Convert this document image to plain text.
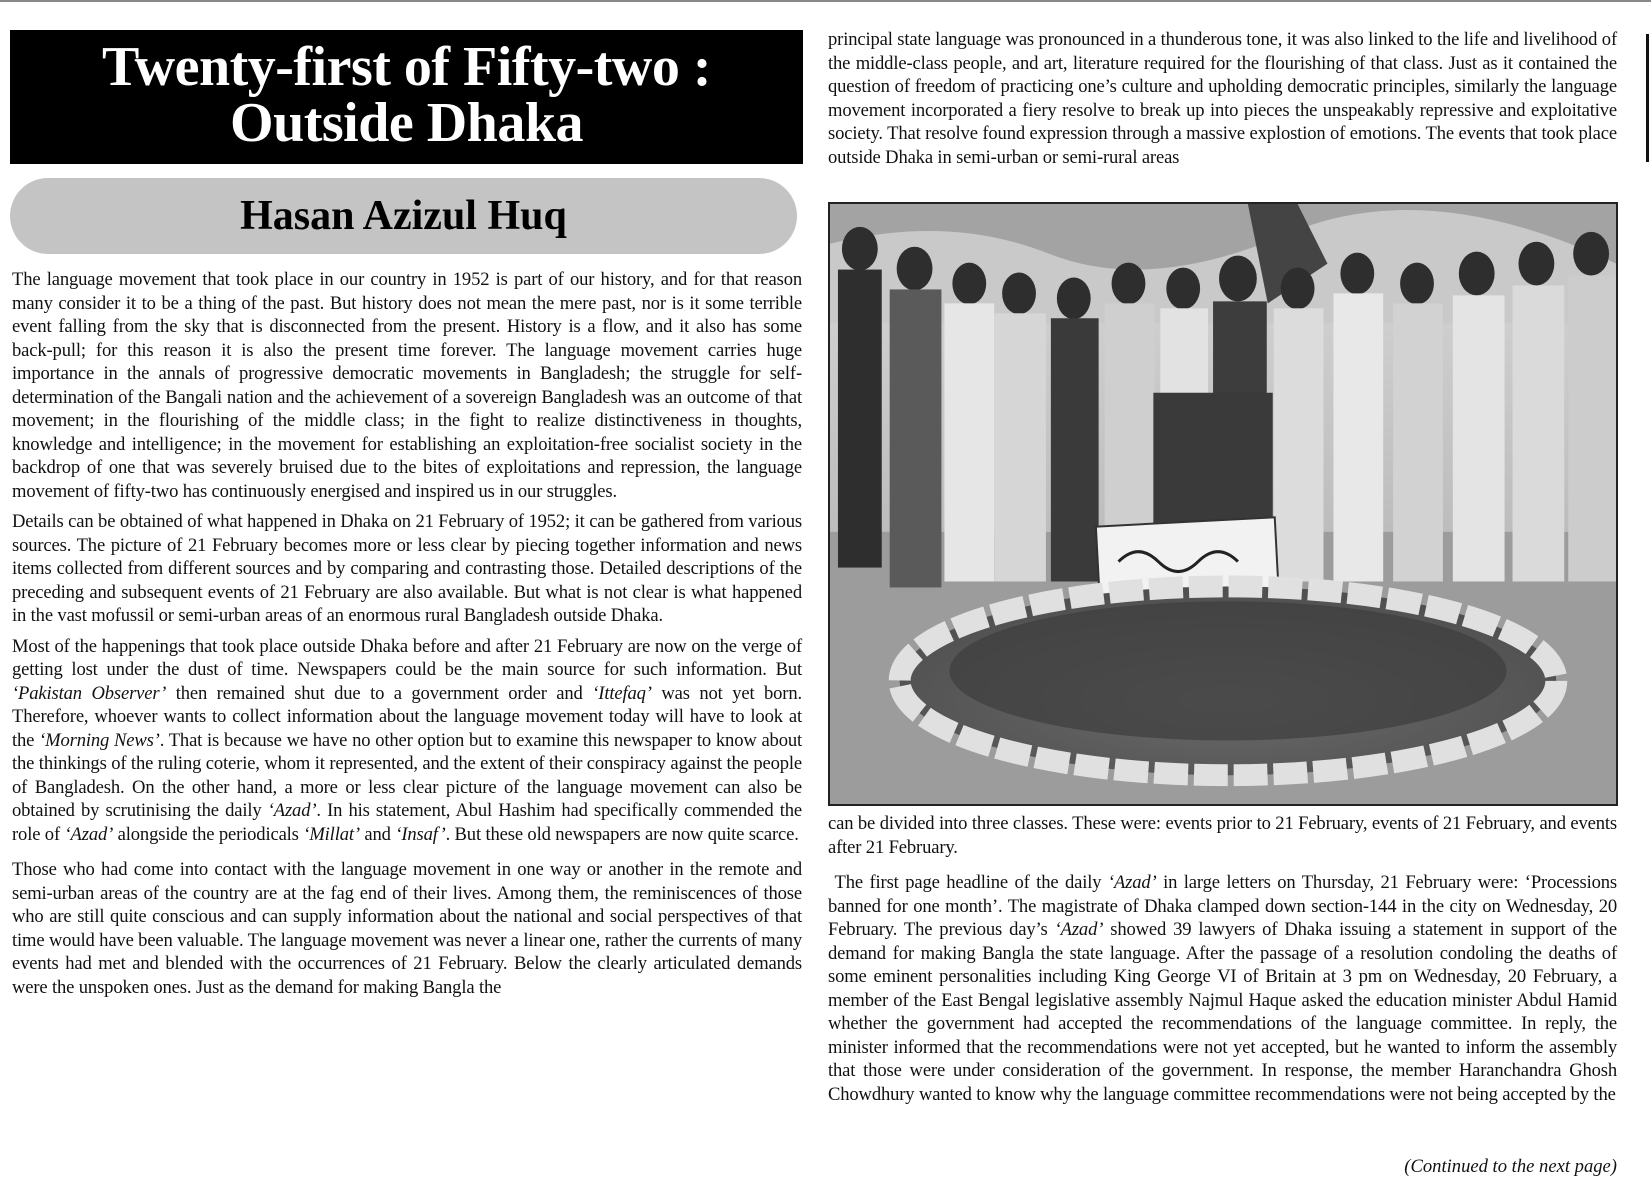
Twenty-first of Fifty-two :
Outside Dhaka
Hasan Azizul Huq

The language movement that took place in our country in 1952 is part of our history, and for that reason many consider it to be a thing of the past. But history does not mean the mere past, nor is it some terrible event falling from the sky that is disconnected from the present. History is a flow, and it also has some back-pull; for this reason it is also the present time forever. The language movement carries huge importance in the annals of progressive democratic movements in Bangladesh; the struggle for self-determination of the Bangali nation and the achievement of a sovereign Bangladesh was an outcome of that movement; in the flourishing of the middle class; in the fight to realize distinctiveness in thoughts, knowledge and intelligence; in the movement for establishing an exploitation-free socialist society in the backdrop of one that was severely bruised due to the bites of exploitations and repression, the language movement of fifty-two has continuously energised and inspired us in our struggles.

Details can be obtained of what happened in Dhaka on 21 February of 1952; it can be gathered from various sources. The picture of 21 February becomes more or less clear by piecing together information and news items collected from different sources and by comparing and contrasting those. Detailed descriptions of the preceding and subsequent events of 21 February are also available. But what is not clear is what happened in the vast mofussil or semi-urban areas of an enormous rural Bangladesh outside Dhaka.

Most of the happenings that took place outside Dhaka before and after 21 February are now on the verge of getting lost under the dust of time. Newspapers could be the main source for such information. But ‘Pakistan Observer’ then remained shut due to a government order and ‘Ittefaq’ was not yet born. Therefore, whoever wants to collect information about the language movement today will have to look at the ‘Morning News’. That is because we have no other option but to examine this newspaper to know about the thinkings of the ruling coterie, whom it represented, and the extent of their conspiracy against the people of Bangladesh. On the other hand, a more or less clear picture of the language movement can also be obtained by scrutinising the daily ‘Azad’. In his statement, Abul Hashim had specifically commended the role of ‘Azad’ alongside the periodicals ‘Millat’ and ‘Insaf’. But these old newspapers are now quite scarce.

Those who had come into contact with the language movement in one way or another in the remote and semi-urban areas of the country are at the fag end of their lives. Among them, the reminiscences of those who are still quite conscious and can supply information about the national and social perspectives of that time would have been valuable. The language movement was never a linear one, rather the currents of many events had met and blended with the occurrences of 21 February. Below the clearly articulated demands were the unspoken ones. Just as the demand for making Bangla the

principal state language was pronounced in a thunderous tone, it was also linked to the life and livelihood of the middle-class people, and art, literature required for the flourishing of that class. Just as it contained the question of freedom of practicing one’s culture and upholding democratic principles, similarly the language movement incorporated a fiery resolve to break up into pieces the unspeakably repressive and exploitative society. That resolve found expression through a massive explostion of emotions. The events that took place outside Dhaka in semi-urban or semi-rural areas

can be divided into three classes. These were: events prior to 21 February, events of 21 February, and events after 21 February.

The first page headline of the daily ‘Azad’ in large letters on Thursday, 21 February were: ‘Processions banned for one month’. The magistrate of Dhaka clamped down section-144 in the city on Wednesday, 20 February. The previous day’s ‘Azad’ showed 39 lawyers of Dhaka issuing a statement in support of the demand for making Bangla the state language. After the passage of a resolution condoling the deaths of some eminent personalities including King George VI of Britain at 3 pm on Wednesday, 20 February, a member of the East Bengal legislative assembly Najmul Haque asked the education minister Abdul Hamid whether the government had accepted the recommendations of the language committee. In reply, the minister informed that the recommendations were not yet accepted, but he wanted to inform the assembly that those were under consideration of the government. In response, the member Haranchandra Ghosh Chowdhury wanted to know why the language committee recommendations were not being accepted by the

(Continued to the next page)
